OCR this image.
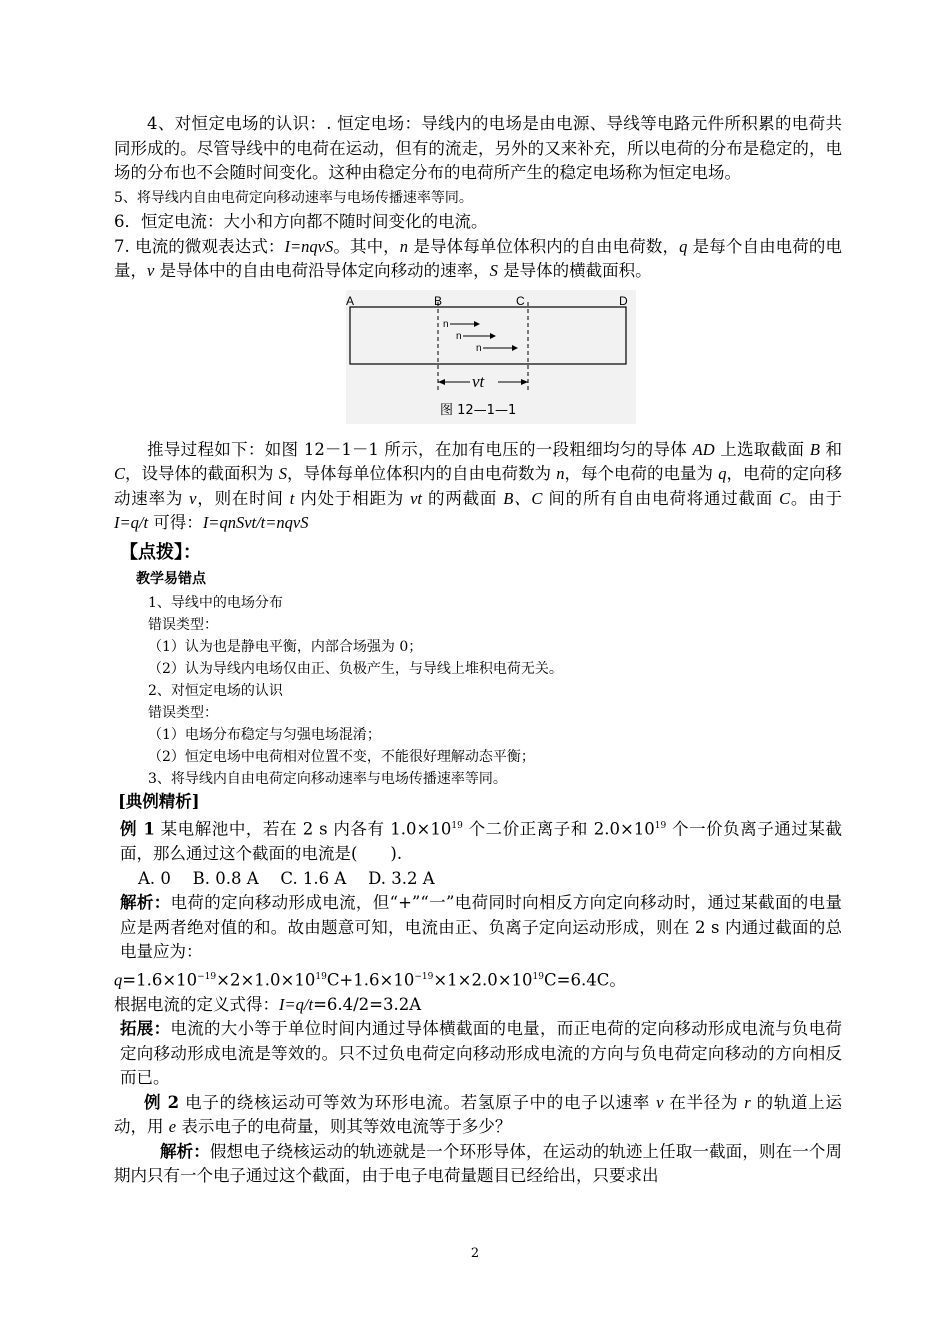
4、对恒定电场的认识：. 恒定电场：导线内的电场是由电源、导线等电路元件所积累的电荷共同形成的。尽管导线中的电荷在运动，但有的流走，另外的又来补充，所以电荷的分布是稳定的，电场的分布也不会随时间变化。这种由稳定分布的电荷所产生的稳定电场称为恒定电场。

5、将导线内自由电荷定向移动速率与电场传播速率等同。

6．恒定电流：大小和方向都不随时间变化的电流。

7. 电流的微观表达式：I=nqvS。其中，n 是导体每单位体积内的自由电荷数，q 是每个自由电荷的电量，v 是导体中的自由电荷沿导体定向移动的速率，S 是导体的横截面积。

A	B	C	D
n
n
n
vt
图 12—1—1

推导过程如下：如图 12－1－1 所示，在加有电压的一段粗细均匀的导体 AD 上选取截面 B 和 C，设导体的截面积为 S，导体每单位体积内的自由电荷数为 n，每个电荷的电量为 q，电荷的定向移动速率为 v，则在时间 t 内处于相距为 vt 的两截面 B、C 间的所有自由电荷将通过截面 C。由于 I=q/t 可得：I=qnSvt/t=nqvS

【点拨】：
教学易错点

1、导线中的电场分布

错误类型：

（1）认为也是静电平衡，内部合场强为 0；

（2）认为导线内电场仅由正、负极产生，与导线上堆积电荷无关。

2、对恒定电场的认识

错误类型：

（1）电场分布稳定与匀强电场混淆；

（2）恒定电场中电荷相对位置不变，不能很好理解动态平衡；

3、将导线内自由电荷定向移动速率与电场传播速率等同。

[典例精析]

例 1 某电解池中，若在 2 s 内各有 $1.0\times 10^{19}$ 个二价正离子和 $2.0\times 10^{19}$ 个一价负离子通过某截面，那么通过这个截面的电流是(　　).

A. 0　 B. 0.8 A　 C. 1.6 A　 D. 3.2 A

解析：电荷的定向移动形成电流，但“+”“一”电荷同时向相反方向定向移动时，通过某截面的电量应是两者绝对值的和。故由题意可知，电流由正、负离子定向运动形成，则在 2 s 内通过截面的总电量应为：

$q=1.6\times 10^{-19}\times 2\times 1.0\times 10^{19}C+1.6\times 10^{-19}\times 1\times 2.0\times 10^{19}C=6.4C$。

根据电流的定义式得：I=q/t=6.4/2=3.2A

拓展：电流的大小等于单位时间内通过导体横截面的电量，而正电荷的定向移动形成电流与负电荷定向移动形成电流是等效的。只不过负电荷定向移动形成电流的方向与负电荷定向移动的方向相反而已。

例 2 电子的绕核运动可等效为环形电流。若氢原子中的电子以速率 v 在半径为 r 的轨道上运动，用 e 表示电子的电荷量，则其等效电流等于多少？

解析：假想电子绕核运动的轨迹就是一个环形导体，在运动的轨迹上任取一截面，则在一个周期内只有一个电子通过这个截面，由于电子电荷量题目已经给出，只要求出

2
